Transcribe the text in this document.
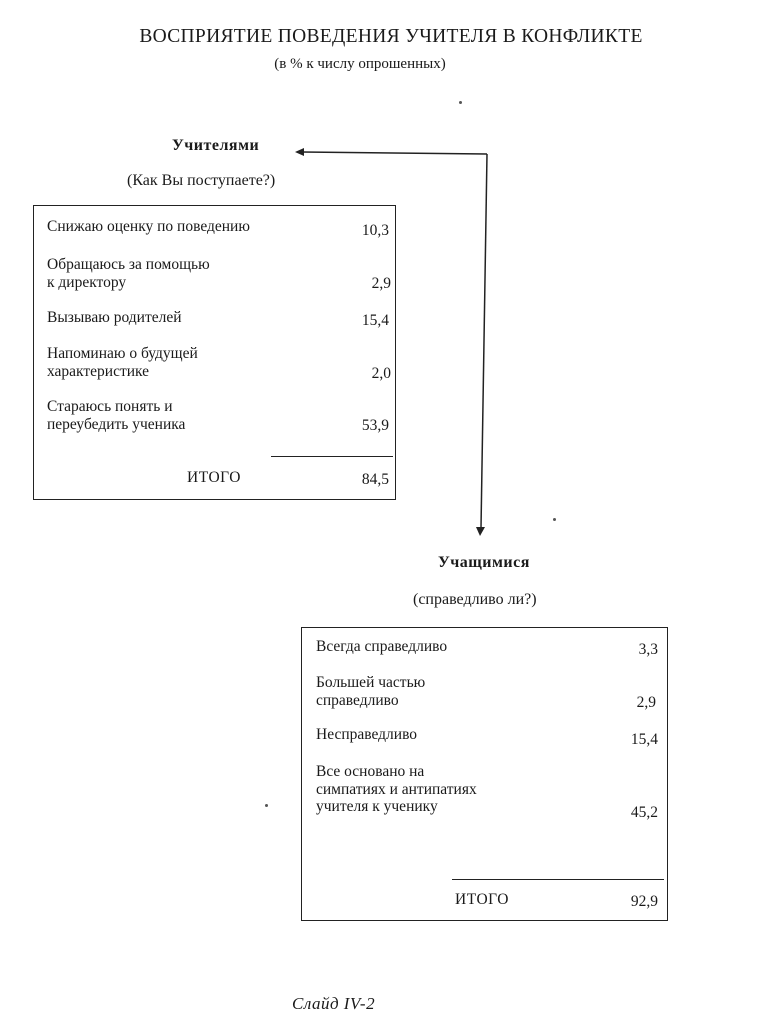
ВОСПРИЯТИЕ ПОВЕДЕНИЯ УЧИТЕЛЯ В КОНФЛИКТЕ
(в % к числу опрошенных)
Учителями
(Как Вы поступаете?)
Снижаю оценку по поведению	10,3
Обращаюсь за помощью
к директору	2,9
Вызываю родителей	15,4
Напоминаю о будущей
характеристике	2,0
Стараюсь понять и
переубедить ученика	53,9
ИТОГО	84,5
Учащимися
(справедливо ли?)
Всегда справедливо	3,3
Большей частью
справедливо	2,9
Несправедливо	15,4
Все основано на
симпатиях и антипатиях
учителя к ученику	45,2
ИТОГО	92,9
Слайд IV-2
